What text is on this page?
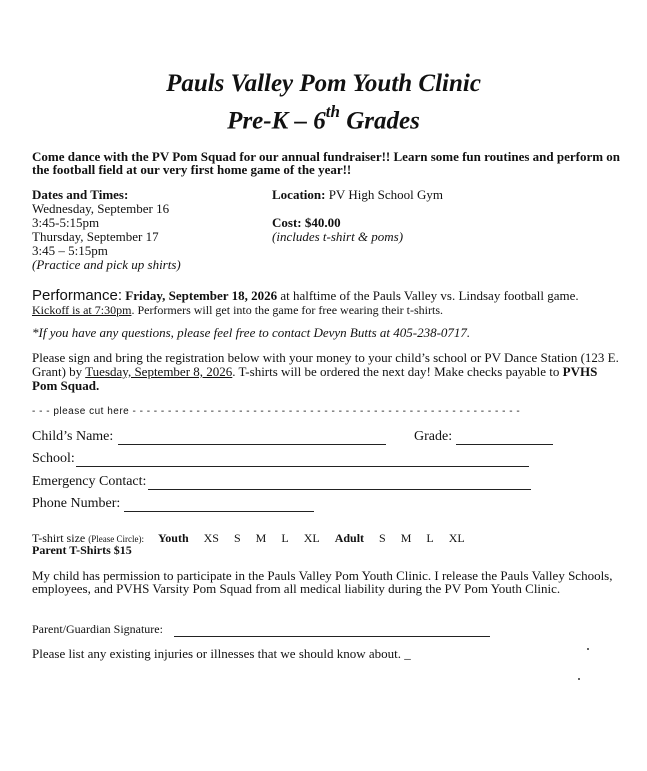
Pauls Valley Pom Youth Clinic
Pre-K – 6th Grades
Come dance with the PV Pom Squad for our annual fundraiser!! Learn some fun routines and perform on the football field at our very first home game of the year!!
Dates and Times:
Wednesday, September 16
3:45-5:15pm
Thursday, September 17
3:45 – 5:15pm
(Practice and pick up shirts)
Location: PV High School Gym
Cost: $40.00
(includes t-shirt & poms)
Performance: Friday, September 18, 2026 at halftime of the Pauls Valley vs. Lindsay football game.
Kickoff is at 7:30pm. Performers will get into the game for free wearing their t-shirts.
*If you have any questions, please feel free to contact Devyn Butts at 405-238-0717.
Please sign and bring the registration below with your money to your child’s school or PV Dance Station (123 E. Grant) by Tuesday, September 8, 2026. T-shirts will be ordered the next day! Make checks payable to PVHS Pom Squad.
- - - please cut here - - - - - - - - - - - - - - - - - - - - - - - - - - - - - - - - - - - - - - - - - - - - - - - - - - - - - - -
Child’s Name:	Grade:
School:
Emergency Contact:
Phone Number:
T-shirt size (Please Circle): Youth XS S M L XL Adult S M L XL
Parent T-Shirts $15
My child has permission to participate in the Pauls Valley Pom Youth Clinic. I release the Pauls Valley Schools, employees, and PVHS Varsity Pom Squad from all medical liability during the PV Pom Youth Clinic.
Parent/Guardian Signature:
Please list any existing injuries or illnesses that we should know about. _
